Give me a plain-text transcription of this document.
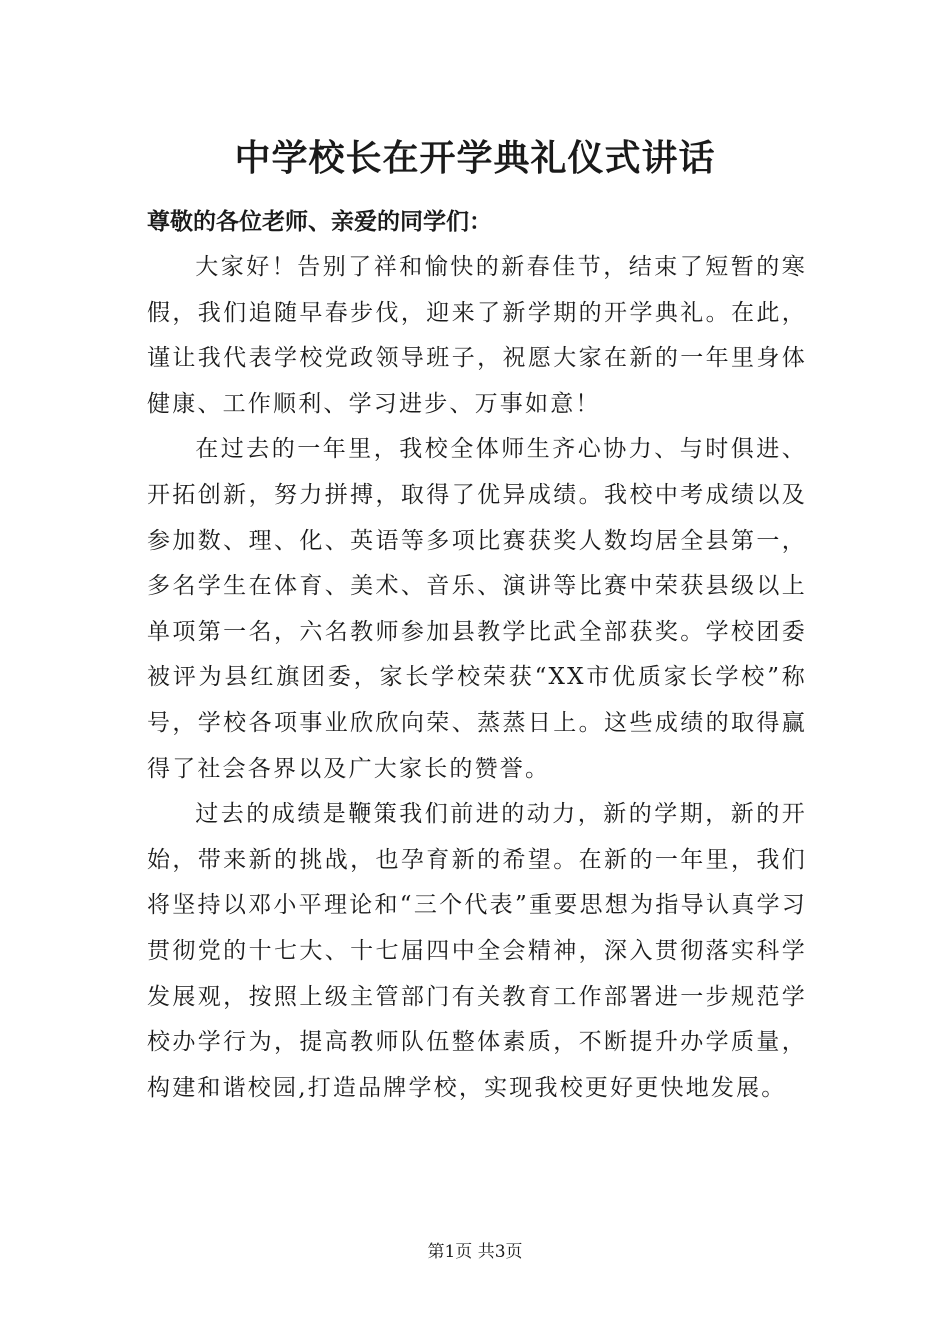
中学校长在开学典礼仪式讲话

尊敬的各位老师、亲爱的同学们：

大家好！告别了祥和愉快的新春佳节，结束了短暂的寒假，我们追随早春步伐，迎来了新学期的开学典礼。在此，谨让我代表学校党政领导班子，祝愿大家在新的一年里身体健康、工作顺利、学习进步、万事如意！

在过去的一年里，我校全体师生齐心协力、与时俱进、开拓创新，努力拼搏，取得了优异成绩。我校中考成绩以及参加数、理、化、英语等多项比赛获奖人数均居全县第一，多名学生在体育、美术、音乐、演讲等比赛中荣获县级以上单项第一名，六名教师参加县教学比武全部获奖。学校团委被评为县红旗团委，家长学校荣获“XX市优质家长学校”称号，学校各项事业欣欣向荣、蒸蒸日上。这些成绩的取得赢得了社会各界以及广大家长的赞誉。

过去的成绩是鞭策我们前进的动力，新的学期，新的开始，带来新的挑战，也孕育新的希望。在新的一年里，我们将坚持以邓小平理论和“三个代表”重要思想为指导认真学习贯彻党的十七大、十七届四中全会精神，深入贯彻落实科学发展观，按照上级主管部门有关教育工作部署进一步规范学校办学行为，提高教师队伍整体素质，不断提升办学质量，构建和谐校园,打造品牌学校，实现我校更好更快地发展。

第1页 共3页
